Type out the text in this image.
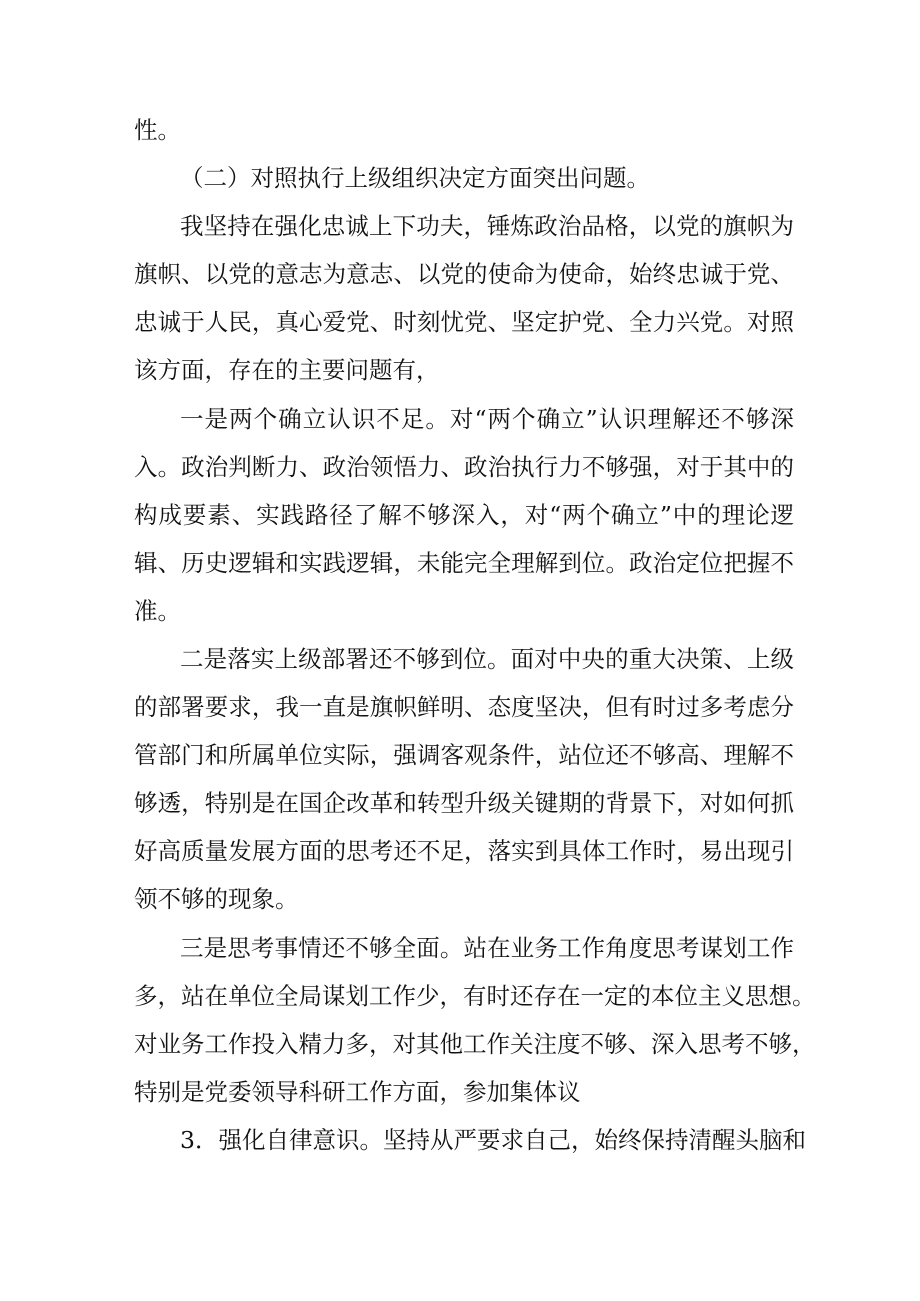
性。
（二）对照执行上级组织决定方面突出问题。
我坚持在强化忠诚上下功夫，锤炼政治品格，以党的旗帜为
旗帜、以党的意志为意志、以党的使命为使命，始终忠诚于党、
忠诚于人民，真心爱党、时刻忧党、坚定护党、全力兴党。对照
该方面，存在的主要问题有，
一是两个确立认识不足。对“两个确立”认识理解还不够深
入。政治判断力、政治领悟力、政治执行力不够强，对于其中的
构成要素、实践路径了解不够深入，对“两个确立”中的理论逻
辑、历史逻辑和实践逻辑，未能完全理解到位。政治定位把握不
准。
二是落实上级部署还不够到位。面对中央的重大决策、上级
的部署要求，我一直是旗帜鲜明、态度坚决，但有时过多考虑分
管部门和所属单位实际，强调客观条件，站位还不够高、理解不
够透，特别是在国企改革和转型升级关键期的背景下，对如何抓
好高质量发展方面的思考还不足，落实到具体工作时，易出现引
领不够的现象。
三是思考事情还不够全面。站在业务工作角度思考谋划工作
多，站在单位全局谋划工作少，有时还存在一定的本位主义思想。
对业务工作投入精力多，对其他工作关注度不够、深入思考不够，
特别是党委领导科研工作方面，参加集体议
3．强化自律意识。坚持从严要求自己，始终保持清醒头脑和
